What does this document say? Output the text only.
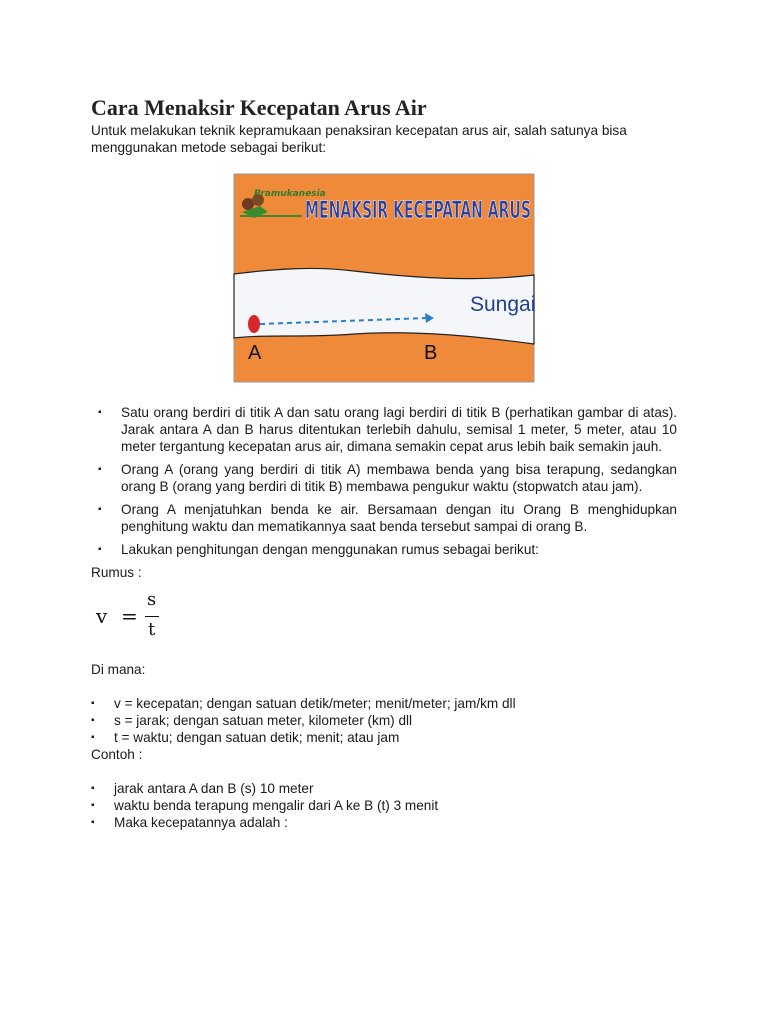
Cara Menaksir Kecepatan Arus Air

Untuk melakukan teknik kepramukaan penaksiran kecepatan arus air, salah satunya bisa menggunakan metode sebagai berikut:

Pramukanesia
MENAKSIR KECEPATAN ARUS
Sungai
A	B
▪ Satu orang berdiri di titik A dan satu orang lagi berdiri di titik B (perhatikan gambar di atas). Jarak antara A dan B harus ditentukan terlebih dahulu, semisal 1 meter, 5 meter, atau 10 meter tergantung kecepatan arus air, dimana semakin cepat arus lebih baik semakin jauh.
▪ Orang A (orang yang berdiri di titik A) membawa benda yang bisa terapung, sedangkan orang B (orang yang berdiri di titik B) membawa pengukur waktu (stopwatch atau jam).
▪ Orang A menjatuhkan benda ke air. Bersamaan dengan itu Orang B menghidupkan penghitung waktu dan mematikannya saat benda tersebut sampai di orang B.
▪ Lakukan penghitungan dengan menggunakan rumus sebagai berikut:

Rumus :

v =
s
t

Di mana:

▪ v = kecepatan; dengan satuan detik/meter; menit/meter; jam/km dll
▪ s = jarak; dengan satuan meter, kilometer (km) dll
▪ t = waktu; dengan satuan detik; menit; atau jam

Contoh :

▪ jarak antara A dan B (s) 10 meter
▪ waktu benda terapung mengalir dari A ke B (t) 3 menit
▪ Maka kecepatannya adalah :
